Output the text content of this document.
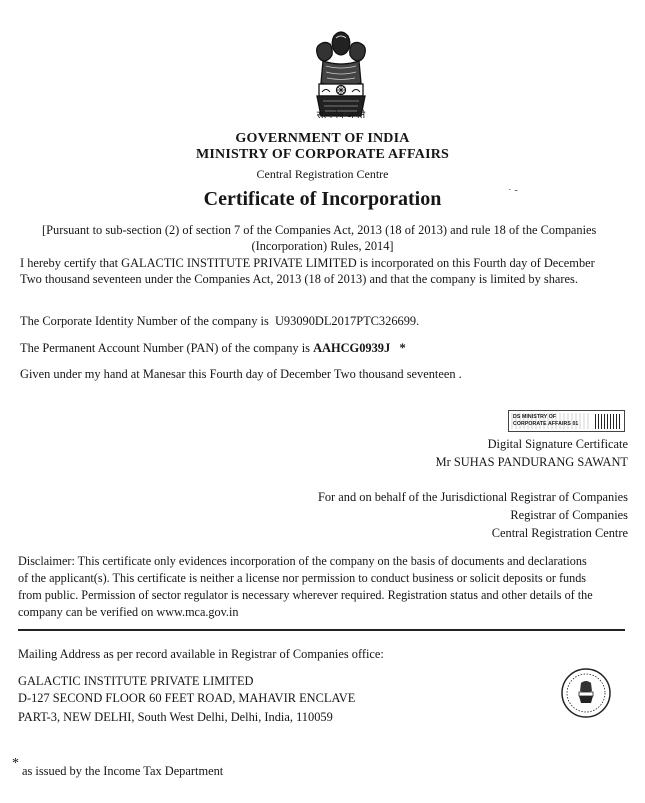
सत्यमेव जयते
GOVERNMENT OF INDIA
MINISTRY OF CORPORATE AFFAIRS
Central Registration Centre
Certificate of Incorporation	· -
[Pursuant to sub-section (2) of section 7 of the Companies Act, 2013 (18 of 2013) and rule 18 of the Companies
(Incorporation) Rules, 2014]
I hereby certify that GALACTIC INSTITUTE PRIVATE LIMITED is incorporated on this Fourth day of December
Two thousand seventeen under the Companies Act, 2013 (18 of 2013) and that the company is limited by shares.
The Corporate Identity Number of the company is U93090DL2017PTC326699.
The Permanent Account Number (PAN) of the company is AAHCG0939J *
Given under my hand at Manesar this Fourth day of December Two thousand seventeen .
DS MINISTRY OF
CORPORATE AFFAIRS 01
Digital Signature Certificate
Mr SUHAS PANDURANG SAWANT
For and on behalf of the Jurisdictional Registrar of Companies
Registrar of Companies
Central Registration Centre
Disclaimer: This certificate only evidences incorporation of the company on the basis of documents and declarations
of the applicant(s). This certificate is neither a license nor permission to conduct business or solicit deposits or funds
from public. Permission of sector regulator is necessary wherever required. Registration status and other details of the
company can be verified on www.mca.gov.in
Mailing Address as per record available in Registrar of Companies office:
GALACTIC INSTITUTE PRIVATE LIMITED
D-127 SECOND FLOOR 60 FEET ROAD, MAHAVIR ENCLAVE
PART-3, NEW DELHI, South West Delhi, Delhi, India, 110059
* as issued by the Income Tax Department
